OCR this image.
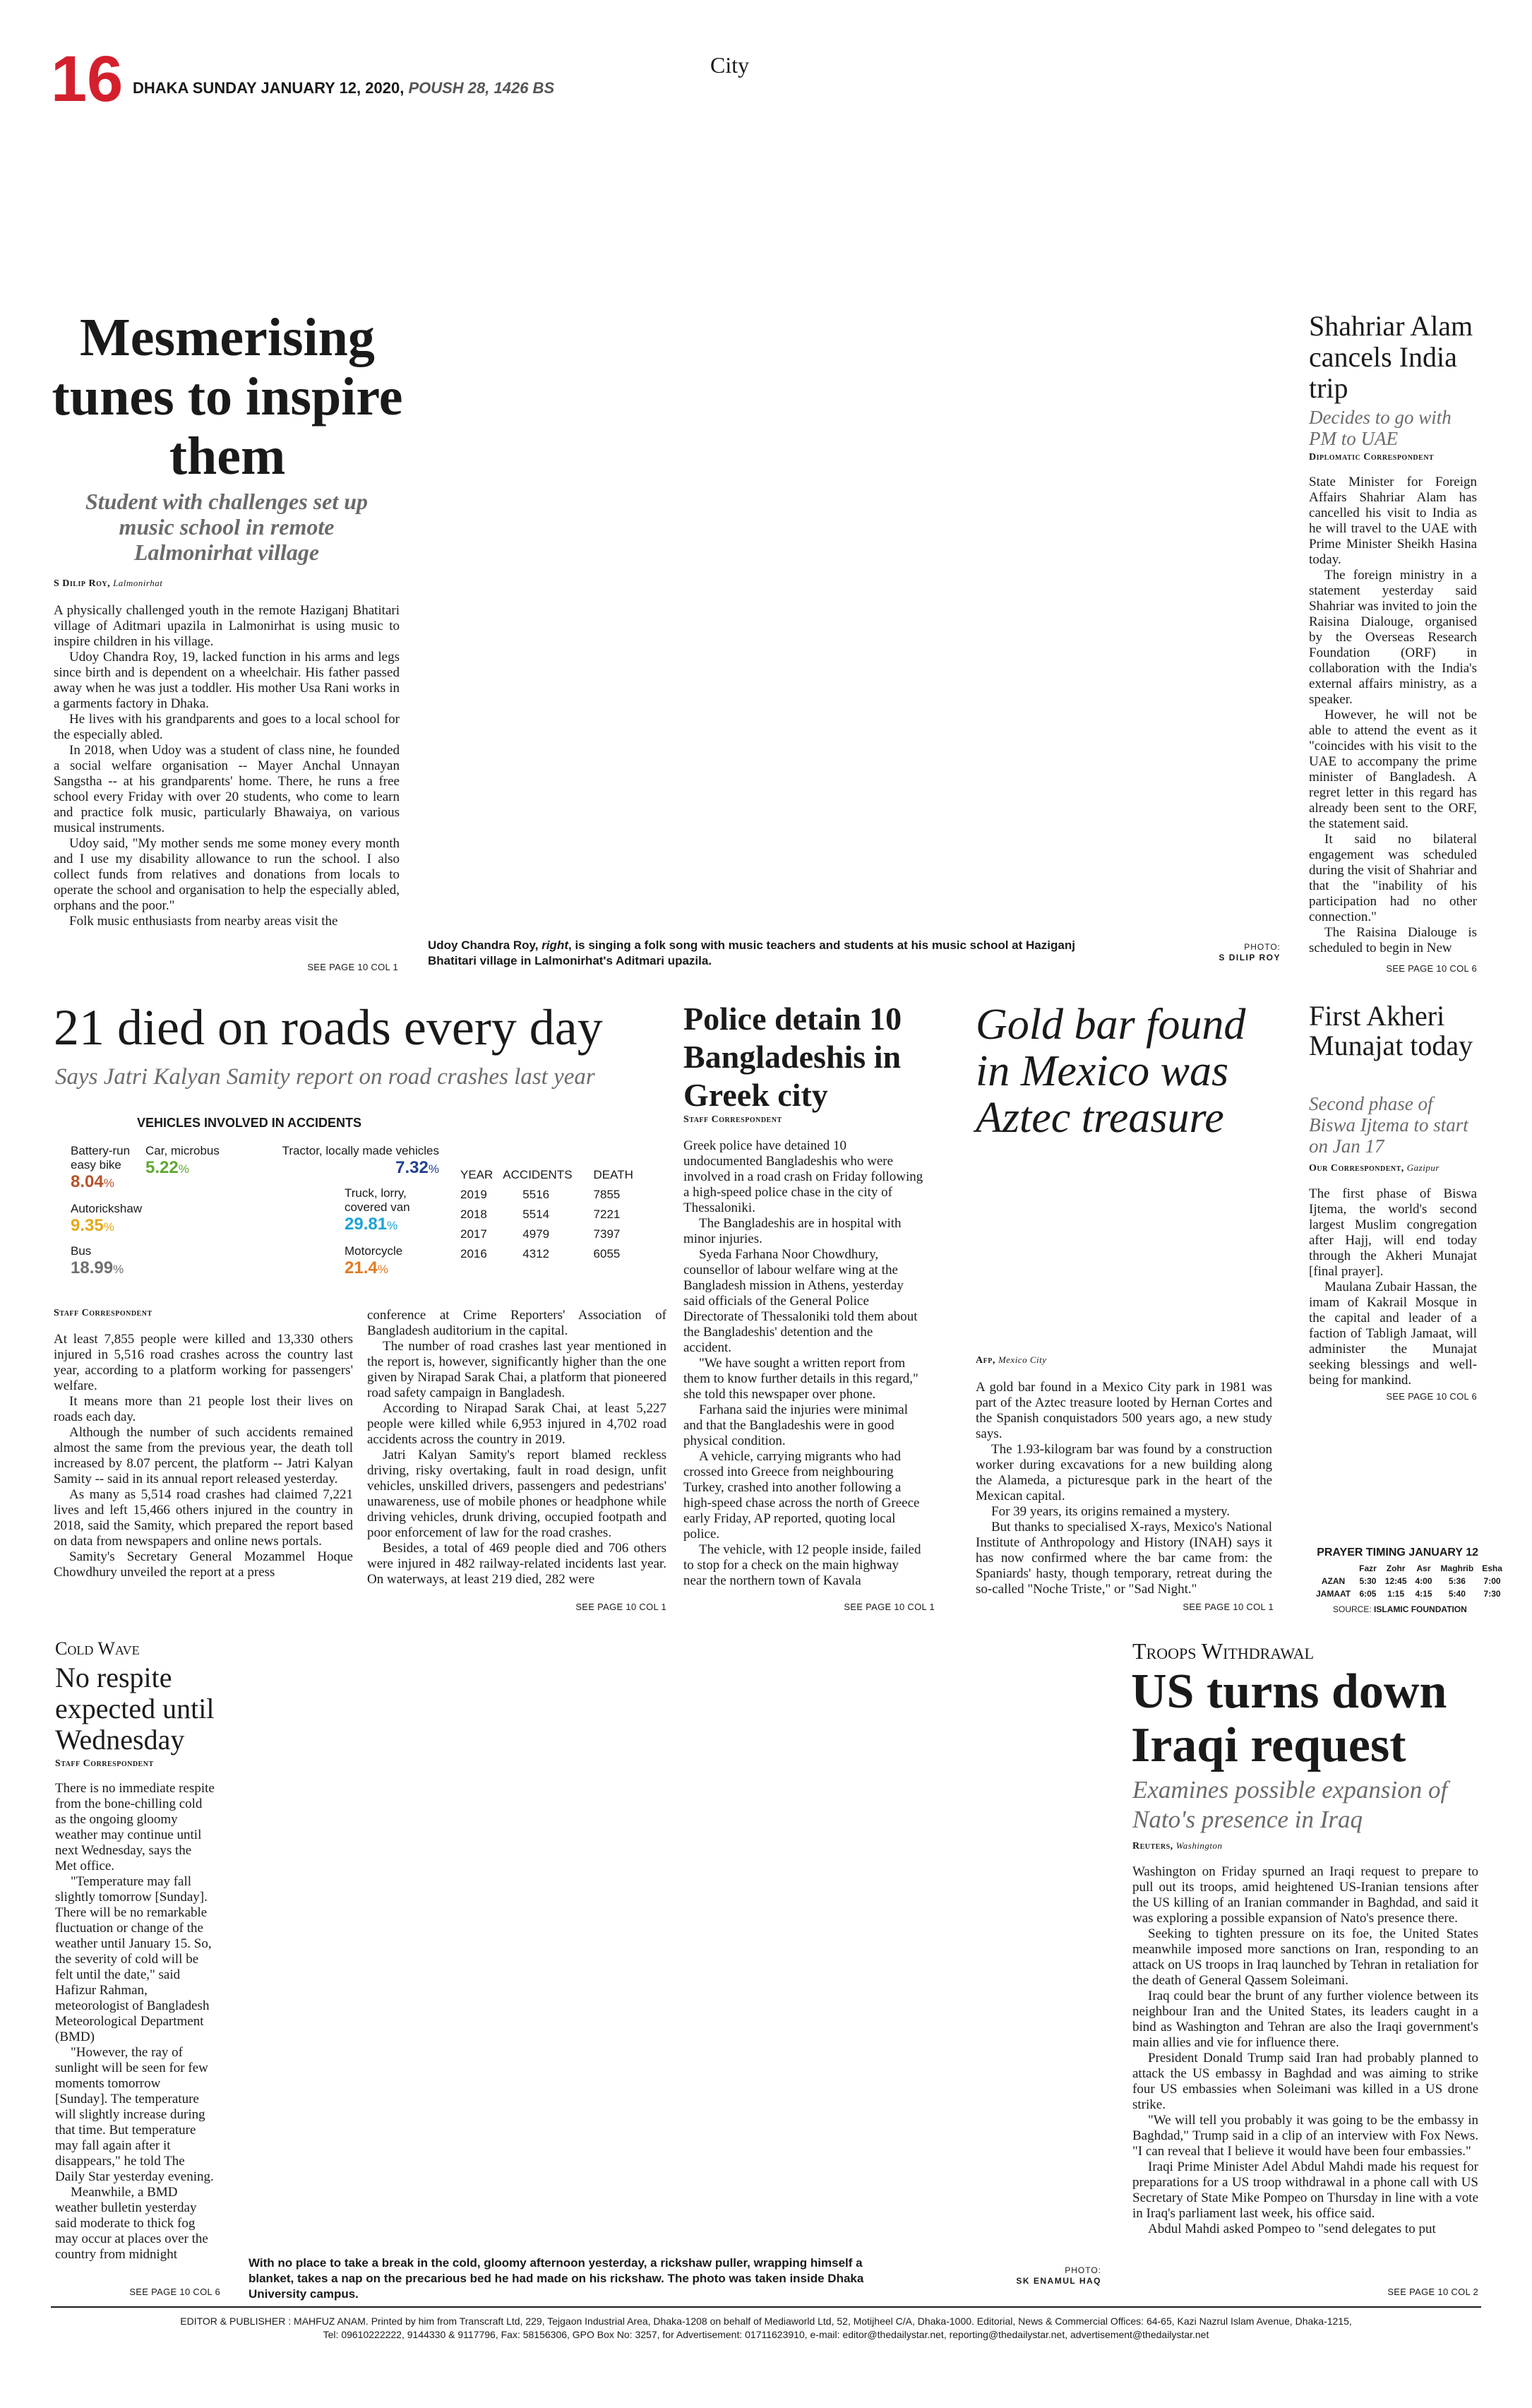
16 DHAKA SUNDAY JANUARY 12, 2020, POUSH 28, 1426 BS
City
Mesmerising tunes to inspire them
Student with challenges set up music school in remote Lalmonirhat village
S Dilip Roy, Lalmonirhat

A physically challenged youth in the remote Haziganj Bhatitari village of Aditmari upazila in Lalmonirhat is using music to inspire children in his village.

Udoy Chandra Roy, 19, lacked function in his arms and legs since birth and is dependent on a wheelchair. His father passed away when he was just a toddler. His mother Usa Rani works in a garments factory in Dhaka.

He lives with his grandparents and goes to a local school for the especially abled.

In 2018, when Udoy was a student of class nine, he founded a social welfare organisation -- Mayer Anchal Unnayan Sangstha -- at his grandparents' home. There, he runs a free school every Friday with over 20 students, who come to learn and practice folk music, particularly Bhawaiya, on various musical instruments.

Udoy said, "My mother sends me some money every month and I use my disability allowance to run the school. I also collect funds from relatives and donations from locals to operate the school and organisation to help the especially abled, orphans and the poor."

Folk music enthusiasts from nearby areas visit the

SEE PAGE 10 COL 1
Udoy Chandra Roy, right, is singing a folk song with music teachers and students at his music school at Haziganj Bhatitari village in Lalmonirhat's Aditmari upazila.
PHOTO:
S DILIP ROY
Shahriar Alam cancels India trip
Decides to go with PM to UAE
Diplomatic Correspondent

State Minister for Foreign Affairs Shahriar Alam has cancelled his visit to India as he will travel to the UAE with Prime Minister Sheikh Hasina today.

The foreign ministry in a statement yesterday said Shahriar was invited to join the Raisina Dialouge, organised by the Overseas Research Foundation (ORF) in collaboration with the India's external affairs ministry, as a speaker.

However, he will not be able to attend the event as it "coincides with his visit to the UAE to accompany the prime minister of Bangladesh. A regret letter in this regard has already been sent to the ORF, the statement said.

It said no bilateral engagement was scheduled during the visit of Shahriar and that the "inability of his participation had no other connection."

The Raisina Dialouge is scheduled to begin in New

SEE PAGE 10 COL 6
21 died on roads every day
Says Jatri Kalyan Samity report on road crashes last year
VEHICLES INVOLVED IN ACCIDENTS
Battery-run easy bike
8.04%
Car, microbus
5.22%
Tractor, locally made vehicles
7.32%
Autorickshaw
9.35%
Truck, lorry, covered van
29.81%
Bus
18.99%
Motorcycle
21.4%
YEAR	ACCIDENTS	DEATH
2019	5516	7855
2018	5514	7221
2017	4979	7397
2016	4312	6055
Staff Correspondent

At least 7,855 people were killed and 13,330 others injured in 5,516 road crashes across the country last year, according to a platform working for passengers' welfare.

It means more than 21 people lost their lives on roads each day.

Although the number of such accidents remained almost the same from the previous year, the death toll increased by 8.07 percent, the platform -- Jatri Kalyan Samity -- said in its annual report released yesterday.

As many as 5,514 road crashes had claimed 7,221 lives and left 15,466 others injured in the country in 2018, said the Samity, which prepared the report based on data from newspapers and online news portals.

Samity's Secretary General Mozammel Hoque Chowdhury unveiled the report at a press

conference at Crime Reporters' Association of Bangladesh auditorium in the capital.

The number of road crashes last year mentioned in the report is, however, significantly higher than the one given by Nirapad Sarak Chai, a platform that pioneered road safety campaign in Bangladesh.

According to Nirapad Sarak Chai, at least 5,227 people were killed while 6,953 injured in 4,702 road accidents across the country in 2019.

Jatri Kalyan Samity's report blamed reckless driving, risky overtaking, fault in road design, unfit vehicles, unskilled drivers, passengers and pedestrians' unawareness, use of mobile phones or headphone while driving vehicles, drunk driving, occupied footpath and poor enforcement of law for the road crashes.

Besides, a total of 469 people died and 706 others were injured in 482 railway-related incidents last year. On waterways, at least 219 died, 282 were

SEE PAGE 10 COL 1
Police detain 10 Bangladeshis in Greek city
Staff Correspondent

Greek police have detained 10 undocumented Bangladeshis who were involved in a road crash on Friday following a high-speed police chase in the city of Thessaloniki.

The Bangladeshis are in hospital with minor injuries.

Syeda Farhana Noor Chowdhury, counsellor of labour welfare wing at the Bangladesh mission in Athens, yesterday said officials of the General Police Directorate of Thessaloniki told them about the Bangladeshis' detention and the accident.

"We have sought a written report from them to know further details in this regard," she told this newspaper over phone.

Farhana said the injuries were minimal and that the Bangladeshis were in good physical condition.

A vehicle, carrying migrants who had crossed into Greece from neighbouring Turkey, crashed into another following a high-speed chase across the north of Greece early Friday, AP reported, quoting local police.

The vehicle, with 12 people inside, failed to stop for a check on the main highway near the northern town of Kavala

SEE PAGE 10 COL 1
Gold bar found in Mexico was Aztec treasure
Afp, Mexico City

A gold bar found in a Mexico City park in 1981 was part of the Aztec treasure looted by Hernan Cortes and the Spanish conquistadors 500 years ago, a new study says.

The 1.93-kilogram bar was found by a construction worker during excavations for a new building along the Alameda, a picturesque park in the heart of the Mexican capital.

For 39 years, its origins remained a mystery.

But thanks to specialised X-rays, Mexico's National Institute of Anthropology and History (INAH) says it has now confirmed where the bar came from: the Spaniards' hasty, though temporary, retreat during the so-called "Noche Triste," or "Sad Night."

SEE PAGE 10 COL 1
First Akheri Munajat today
Second phase of Biswa Ijtema to start on Jan 17
Our Correspondent, Gazipur

The first phase of Biswa Ijtema, the world's second largest Muslim congregation after Hajj, will end today through the Akheri Munajat [final prayer].

Maulana Zubair Hassan, the imam of Kakrail Mosque in the capital and leader of a faction of Tabligh Jamaat, will administer the Munajat seeking blessings and well-being for mankind.

SEE PAGE 10 COL 6
PRAYER TIMING JANUARY 12
	Fazr	Zohr	Asr	Maghrib	Esha
AZAN	5:30	12:45	4:00	5:36	7:00
JAMAAT	6:05	1:15	4:15	5:40	7:30
SOURCE: ISLAMIC FOUNDATION
Cold Wave
No respite expected until Wednesday
Staff Correspondent

There is no immediate respite from the bone-chilling cold as the ongoing gloomy weather may continue until next Wednesday, says the Met office.

"Temperature may fall slightly tomorrow [Sunday]. There will be no remarkable fluctuation or change of the weather until January 15. So, the severity of cold will be felt until the date," said Hafizur Rahman, meteorologist of Bangladesh Meteorological Department (BMD)

"However, the ray of sunlight will be seen for few moments tomorrow [Sunday]. The temperature will slightly increase during that time. But temperature may fall again after it disappears," he told The Daily Star yesterday evening.

Meanwhile, a BMD weather bulletin yesterday said moderate to thick fog may occur at places over the country from midnight

SEE PAGE 10 COL 6
With no place to take a break in the cold, gloomy afternoon yesterday, a rickshaw puller, wrapping himself a blanket, takes a nap on the precarious bed he had made on his rickshaw. The photo was taken inside Dhaka University campus.
PHOTO:
SK ENAMUL HAQ
Troops Withdrawal
US turns down Iraqi request
Examines possible expansion of Nato's presence in Iraq
Reuters, Washington

Washington on Friday spurned an Iraqi request to prepare to pull out its troops, amid heightened US-Iranian tensions after the US killing of an Iranian commander in Baghdad, and said it was exploring a possible expansion of Nato's presence there.

Seeking to tighten pressure on its foe, the United States meanwhile imposed more sanctions on Iran, responding to an attack on US troops in Iraq launched by Tehran in retaliation for the death of General Qassem Soleimani.

Iraq could bear the brunt of any further violence between its neighbour Iran and the United States, its leaders caught in a bind as Washington and Tehran are also the Iraqi government's main allies and vie for influence there.

President Donald Trump said Iran had probably planned to attack the US embassy in Baghdad and was aiming to strike four US embassies when Soleimani was killed in a US drone strike.

"We will tell you probably it was going to be the embassy in Baghdad," Trump said in a clip of an interview with Fox News. "I can reveal that I believe it would have been four embassies."

Iraqi Prime Minister Adel Abdul Mahdi made his request for preparations for a US troop withdrawal in a phone call with US Secretary of State Mike Pompeo on Thursday in line with a vote in Iraq's parliament last week, his office said.

Abdul Mahdi asked Pompeo to "send delegates to put

SEE PAGE 10 COL 2
EDITOR & PUBLISHER : MAHFUZ ANAM. Printed by him from Transcraft Ltd, 229, Tejgaon Industrial Area, Dhaka-1208 on behalf of Mediaworld Ltd, 52, Motijheel C/A, Dhaka-1000. Editorial, News & Commercial Offices: 64-65, Kazi Nazrul Islam Avenue, Dhaka-1215,
Tel: 09610222222, 9144330 & 9117796, Fax: 58156306, GPO Box No: 3257, for Advertisement: 01711623910, e-mail: editor@thedailystar.net, reporting@thedailystar.net, advertisement@thedailystar.net
